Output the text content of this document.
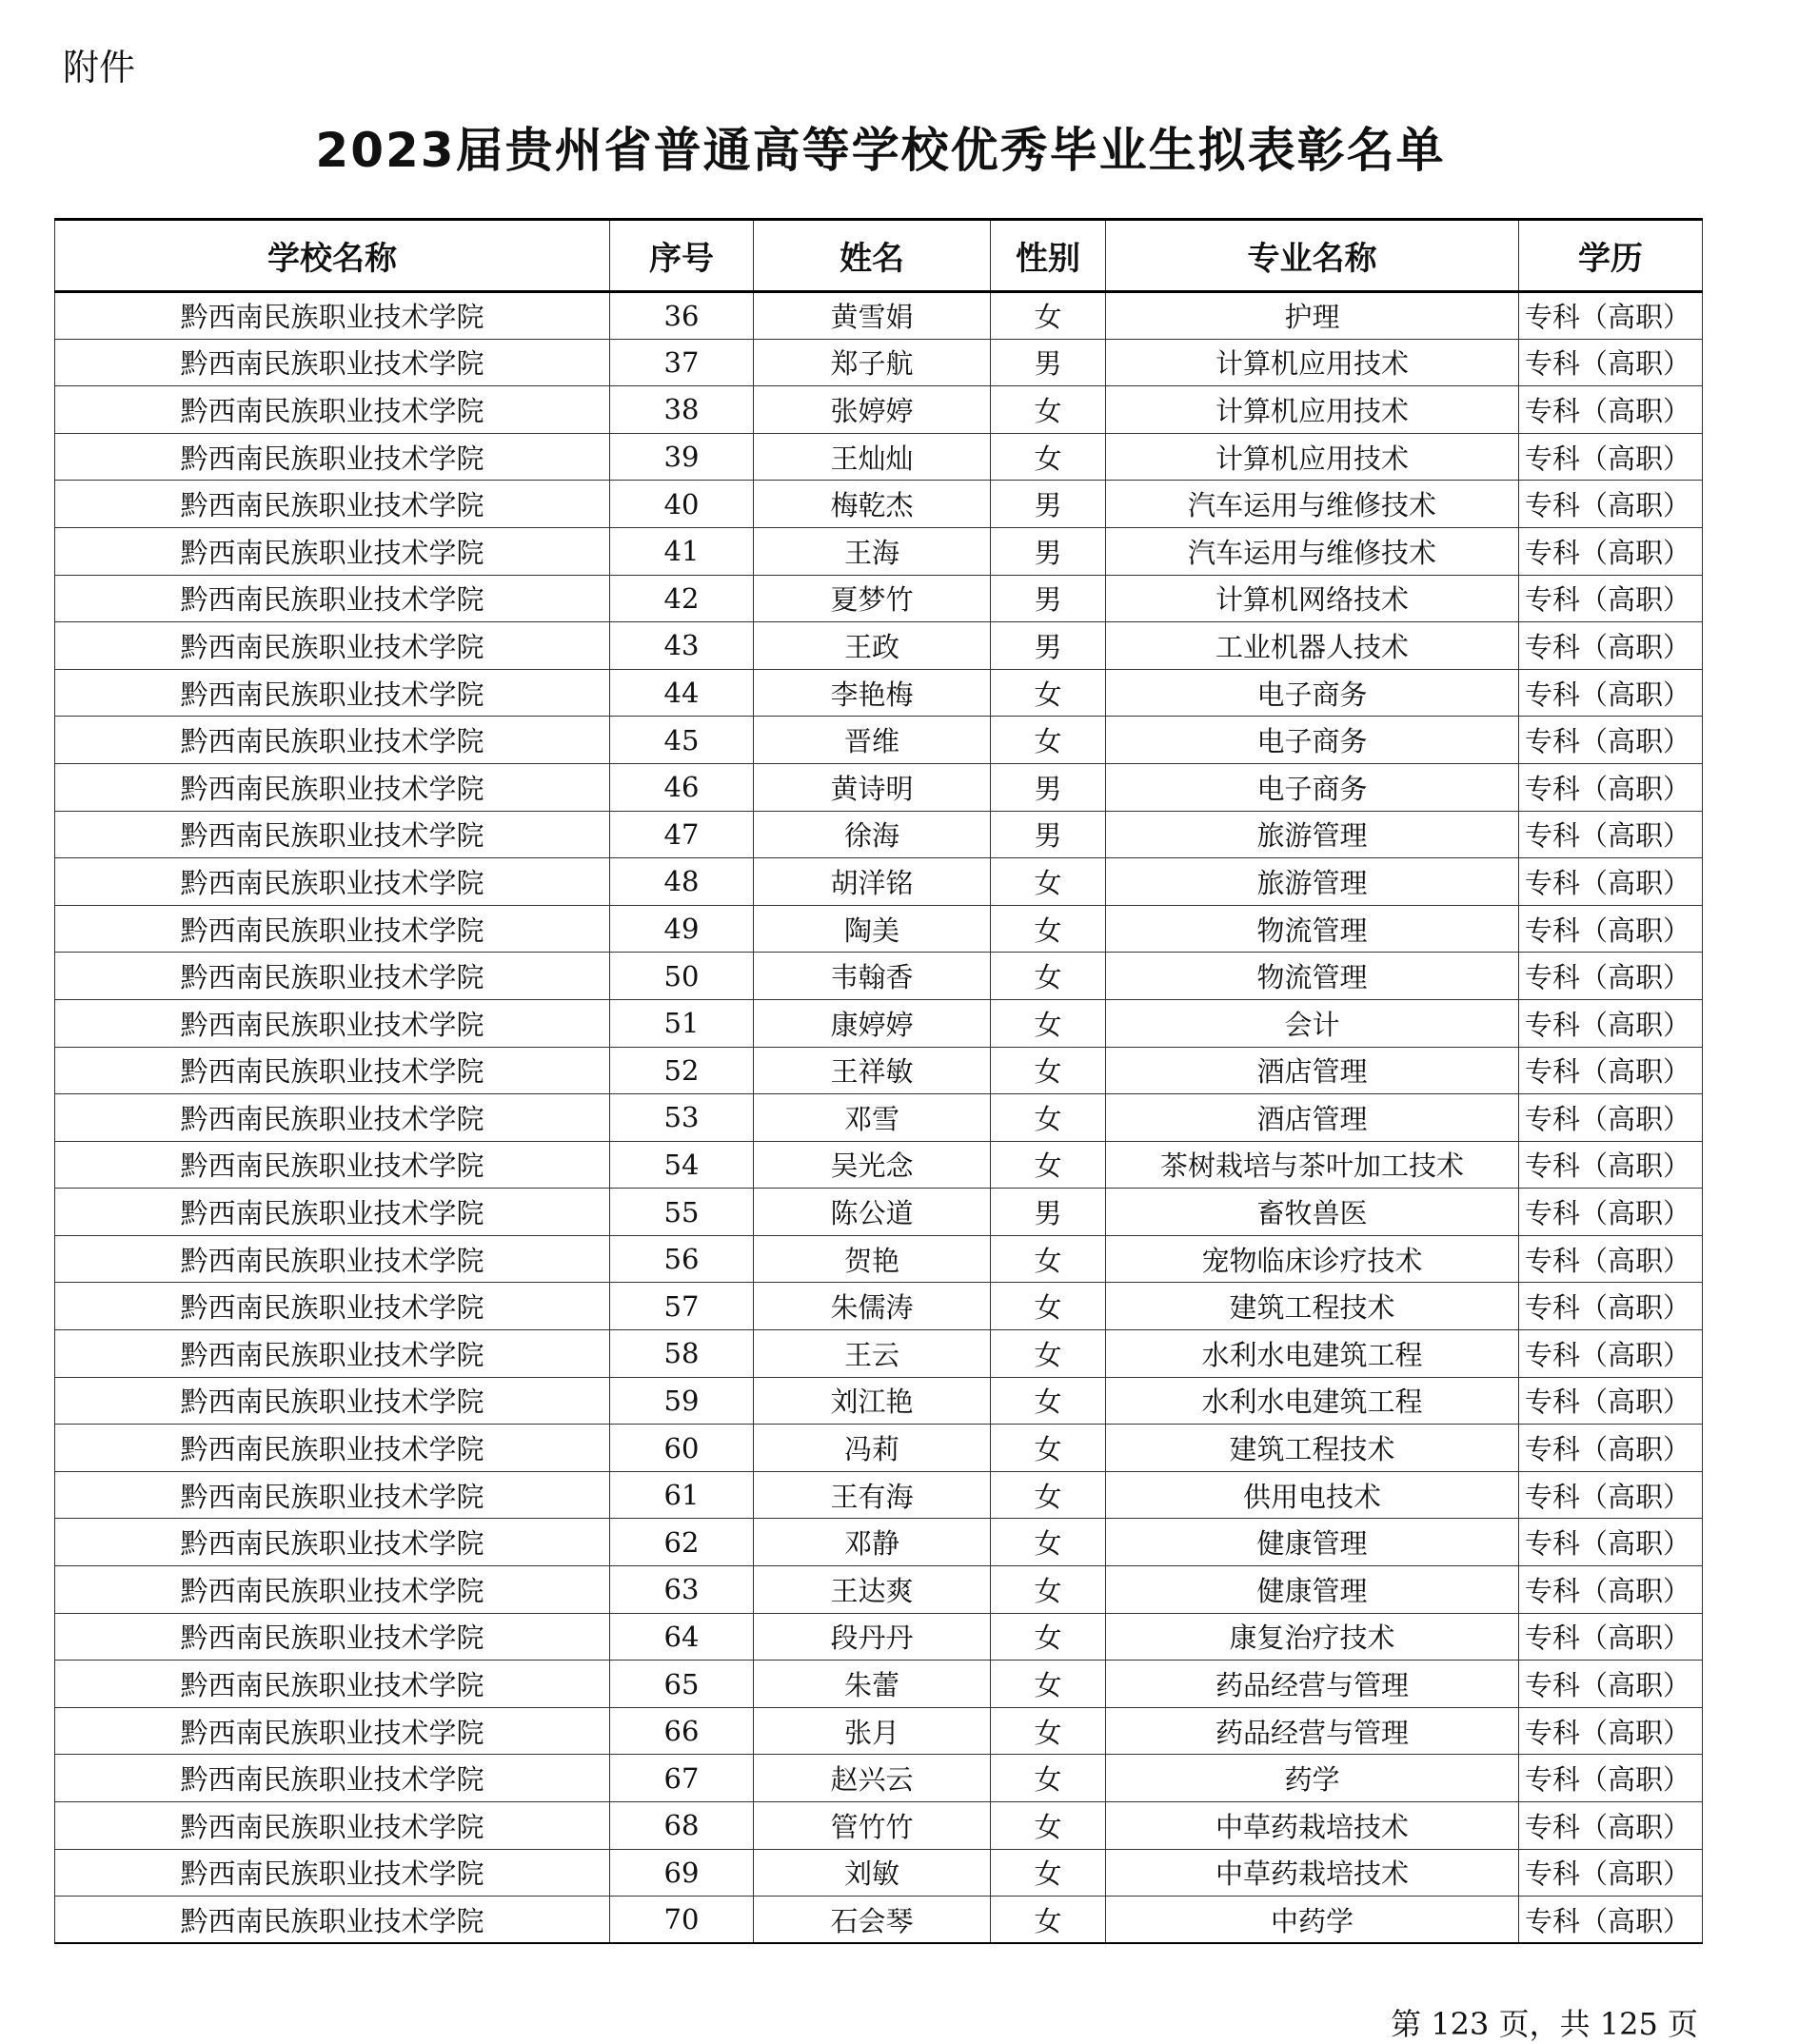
附件
2023届贵州省普通高等学校优秀毕业生拟表彰名单
学校名称	序号	姓名	性别	专业名称	学历
黔西南民族职业技术学院	36	黄雪娟	女	护理	专科（高职）
黔西南民族职业技术学院	37	郑子航	男	计算机应用技术	专科（高职）
黔西南民族职业技术学院	38	张婷婷	女	计算机应用技术	专科（高职）
黔西南民族职业技术学院	39	王灿灿	女	计算机应用技术	专科（高职）
黔西南民族职业技术学院	40	梅乾杰	男	汽车运用与维修技术	专科（高职）
黔西南民族职业技术学院	41	王海	男	汽车运用与维修技术	专科（高职）
黔西南民族职业技术学院	42	夏梦竹	男	计算机网络技术	专科（高职）
黔西南民族职业技术学院	43	王政	男	工业机器人技术	专科（高职）
黔西南民族职业技术学院	44	李艳梅	女	电子商务	专科（高职）
黔西南民族职业技术学院	45	晋维	女	电子商务	专科（高职）
黔西南民族职业技术学院	46	黄诗明	男	电子商务	专科（高职）
黔西南民族职业技术学院	47	徐海	男	旅游管理	专科（高职）
黔西南民族职业技术学院	48	胡洋铭	女	旅游管理	专科（高职）
黔西南民族职业技术学院	49	陶美	女	物流管理	专科（高职）
黔西南民族职业技术学院	50	韦翰香	女	物流管理	专科（高职）
黔西南民族职业技术学院	51	康婷婷	女	会计	专科（高职）
黔西南民族职业技术学院	52	王祥敏	女	酒店管理	专科（高职）
黔西南民族职业技术学院	53	邓雪	女	酒店管理	专科（高职）
黔西南民族职业技术学院	54	吴光念	女	茶树栽培与茶叶加工技术	专科（高职）
黔西南民族职业技术学院	55	陈公道	男	畜牧兽医	专科（高职）
黔西南民族职业技术学院	56	贺艳	女	宠物临床诊疗技术	专科（高职）
黔西南民族职业技术学院	57	朱儒涛	女	建筑工程技术	专科（高职）
黔西南民族职业技术学院	58	王云	女	水利水电建筑工程	专科（高职）
黔西南民族职业技术学院	59	刘江艳	女	水利水电建筑工程	专科（高职）
黔西南民族职业技术学院	60	冯莉	女	建筑工程技术	专科（高职）
黔西南民族职业技术学院	61	王有海	女	供用电技术	专科（高职）
黔西南民族职业技术学院	62	邓静	女	健康管理	专科（高职）
黔西南民族职业技术学院	63	王达爽	女	健康管理	专科（高职）
黔西南民族职业技术学院	64	段丹丹	女	康复治疗技术	专科（高职）
黔西南民族职业技术学院	65	朱蕾	女	药品经营与管理	专科（高职）
黔西南民族职业技术学院	66	张月	女	药品经营与管理	专科（高职）
黔西南民族职业技术学院	67	赵兴云	女	药学	专科（高职）
黔西南民族职业技术学院	68	管竹竹	女	中草药栽培技术	专科（高职）
黔西南民族职业技术学院	69	刘敏	女	中草药栽培技术	专科（高职）
黔西南民族职业技术学院	70	石会琴	女	中药学	专科（高职）
第 123 页，共 125 页
